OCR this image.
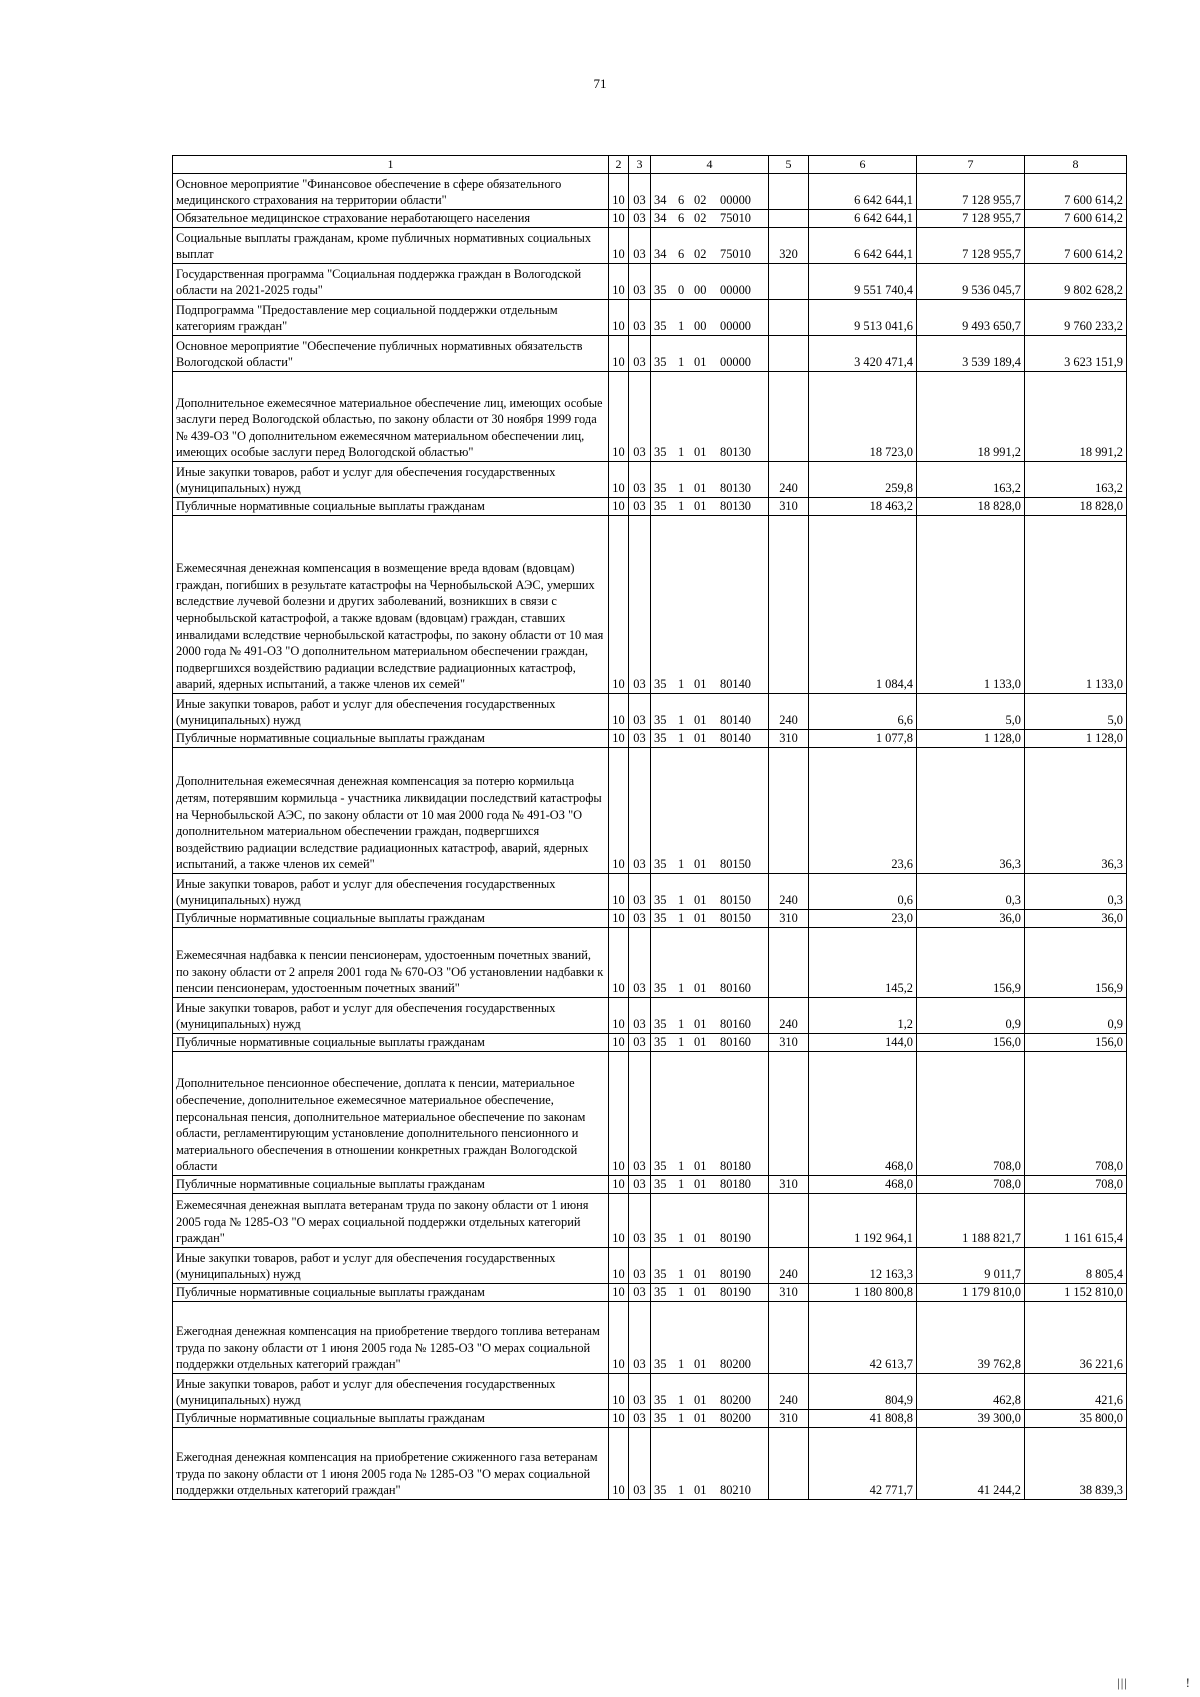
71
1	2	3	4	5	6	7	8
Основное мероприятие "Финансовое обеспечение в сфере обязательного медицинского страхования на территории области"	10	03	34 6 02 00000		6 642 644,1	7 128 955,7	7 600 614,2
Обязательное медицинское страхование неработающего населения	10	03	34 6 02 75010		6 642 644,1	7 128 955,7	7 600 614,2
Социальные выплаты гражданам, кроме публичных нормативных социальных выплат	10	03	34 6 02 75010	320	6 642 644,1	7 128 955,7	7 600 614,2
Государственная программа "Социальная поддержка граждан в Вологодской области на 2021-2025 годы"	10	03	35 0 00 00000		9 551 740,4	9 536 045,7	9 802 628,2
Подпрограмма "Предоставление мер социальной поддержки отдельным категориям граждан"	10	03	35 1 00 00000		9 513 041,6	9 493 650,7	9 760 233,2
Основное мероприятие "Обеспечение публичных нормативных обязательств Вологодской области"	10	03	35 1 01 00000		3 420 471,4	3 539 189,4	3 623 151,9
Дополнительное ежемесячное материальное обеспечение лиц, имеющих особые заслуги перед Вологодской областью, по закону области от 30 ноября 1999 года № 439-ОЗ "О дополнительном ежемесячном материальном обеспечении лиц, имеющих особые заслуги перед Вологодской областью"	10	03	35 1 01 80130		18 723,0	18 991,2	18 991,2
Иные закупки товаров, работ и услуг для обеспечения государственных (муниципальных) нужд	10	03	35 1 01 80130	240	259,8	163,2	163,2
Публичные нормативные социальные выплаты гражданам	10	03	35 1 01 80130	310	18 463,2	18 828,0	18 828,0
Ежемесячная денежная компенсация в возмещение вреда вдовам (вдовцам) граждан, погибших в результате катастрофы на Чернобыльской АЭС, умерших вследствие лучевой болезни и других заболеваний, возникших в связи с чернобыльской катастрофой, а также вдовам (вдовцам) граждан, ставших инвалидами вследствие чернобыльской катастрофы, по закону области от 10 мая 2000 года № 491-ОЗ "О дополнительном материальном обеспечении граждан, подвергшихся воздействию радиации вследствие радиационных катастроф, аварий, ядерных испытаний, а также членов их семей"	10	03	35 1 01 80140		1 084,4	1 133,0	1 133,0
Иные закупки товаров, работ и услуг для обеспечения государственных (муниципальных) нужд	10	03	35 1 01 80140	240	6,6	5,0	5,0
Публичные нормативные социальные выплаты гражданам	10	03	35 1 01 80140	310	1 077,8	1 128,0	1 128,0
Дополнительная ежемесячная денежная компенсация за потерю кормильца детям, потерявшим кормильца - участника ликвидации последствий катастрофы на Чернобыльской АЭС, по закону области от 10 мая 2000 года № 491-ОЗ "О дополнительном материальном обеспечении граждан, подвергшихся воздействию радиации вследствие радиационных катастроф, аварий, ядерных испытаний, а также членов их семей"	10	03	35 1 01 80150		23,6	36,3	36,3
Иные закупки товаров, работ и услуг для обеспечения государственных (муниципальных) нужд	10	03	35 1 01 80150	240	0,6	0,3	0,3
Публичные нормативные социальные выплаты гражданам	10	03	35 1 01 80150	310	23,0	36,0	36,0
Ежемесячная надбавка к пенсии пенсионерам, удостоенным почетных званий, по закону области от 2 апреля 2001 года № 670-ОЗ "Об установлении надбавки к пенсии пенсионерам, удостоенным почетных званий"	10	03	35 1 01 80160		145,2	156,9	156,9
Иные закупки товаров, работ и услуг для обеспечения государственных (муниципальных) нужд	10	03	35 1 01 80160	240	1,2	0,9	0,9
Публичные нормативные социальные выплаты гражданам	10	03	35 1 01 80160	310	144,0	156,0	156,0
Дополнительное пенсионное обеспечение, доплата к пенсии, материальное обеспечение, дополнительное ежемесячное материальное обеспечение, персональная пенсия, дополнительное материальное обеспечение по законам области, регламентирующим установление дополнительного пенсионного и материального обеспечения в отношении конкретных граждан Вологодской области	10	03	35 1 01 80180		468,0	708,0	708,0
Публичные нормативные социальные выплаты гражданам	10	03	35 1 01 80180	310	468,0	708,0	708,0
Ежемесячная денежная выплата ветеранам труда по закону области от 1 июня 2005 года № 1285-ОЗ "О мерах социальной поддержки отдельных категорий граждан"	10	03	35 1 01 80190		1 192 964,1	1 188 821,7	1 161 615,4
Иные закупки товаров, работ и услуг для обеспечения государственных (муниципальных) нужд	10	03	35 1 01 80190	240	12 163,3	9 011,7	8 805,4
Публичные нормативные социальные выплаты гражданам	10	03	35 1 01 80190	310	1 180 800,8	1 179 810,0	1 152 810,0
Ежегодная денежная компенсация на приобретение твердого топлива ветеранам труда по закону области от 1 июня 2005 года № 1285-ОЗ "О мерах социальной поддержки отдельных категорий граждан"	10	03	35 1 01 80200		42 613,7	39 762,8	36 221,6
Иные закупки товаров, работ и услуг для обеспечения государственных (муниципальных) нужд	10	03	35 1 01 80200	240	804,9	462,8	421,6
Публичные нормативные социальные выплаты гражданам	10	03	35 1 01 80200	310	41 808,8	39 300,0	35 800,0
Ежегодная денежная компенсация на приобретение сжиженного газа ветеранам труда по закону области от 1 июня 2005 года № 1285-ОЗ "О мерах социальной поддержки отдельных категорий граждан"	10	03	35 1 01 80210		42 771,7	41 244,2	38 839,3
|||	!
